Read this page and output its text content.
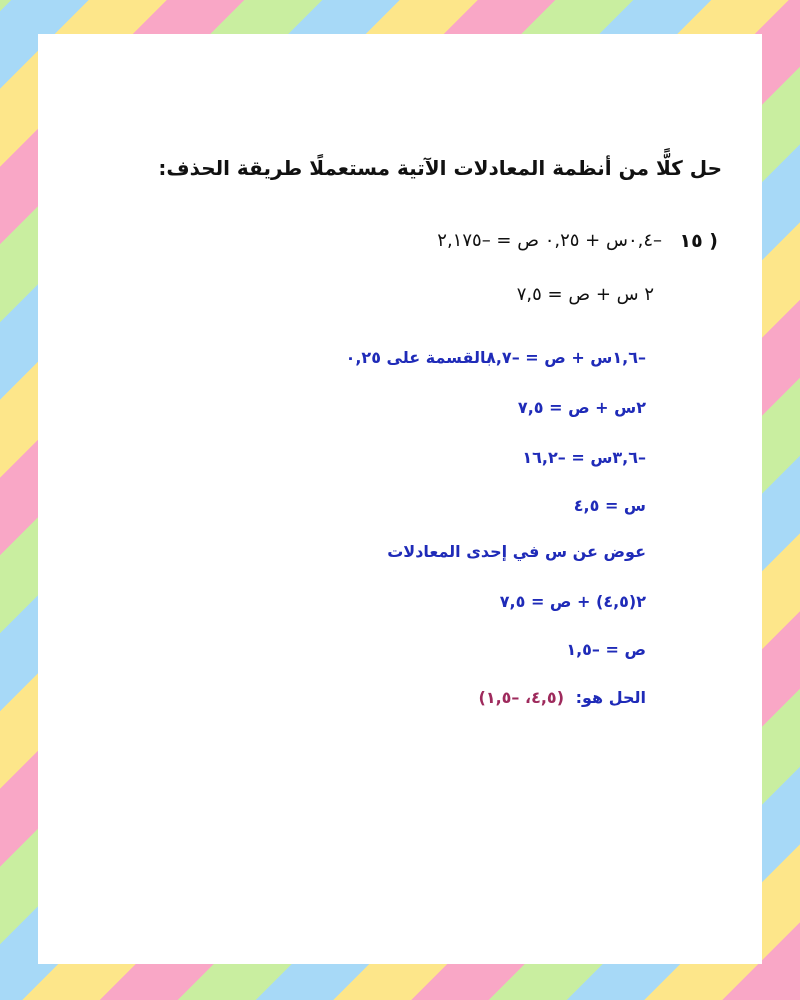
حل كلًّا من أنظمة المعادلات الآتية مستعملًا طريقة الحذف:
١٥ )
–٠,٤س + ٠,٢٥ ص = –٢,١٧٥
٢ س + ص = ٧,٥
–١,٦س + ص = –٨,٧
بالقسمة على ٠,٢٥
٢س + ص = ٧,٥
–٣,٦س = –١٦,٢
س = ٤,٥
عوض عن س في إحدى المعادلات
٢(٤,٥) + ص = ٧,٥
ص = –١,٥
الحل هو:
(٤,٥، –١,٥)
